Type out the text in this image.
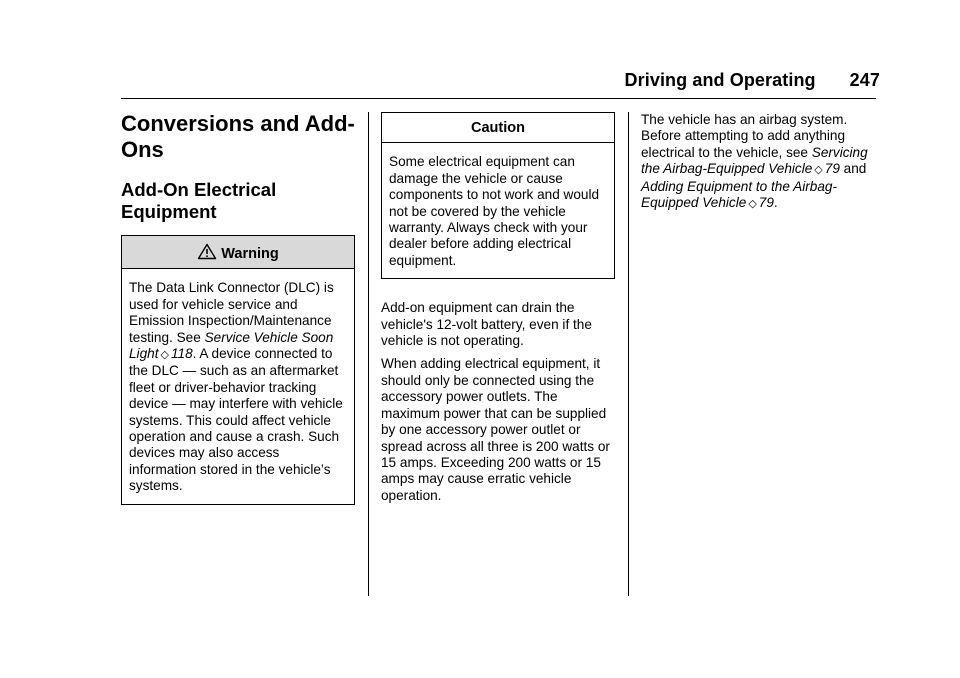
Driving and Operating 247
Conversions and Add-Ons
Add-On Electrical Equipment
Warning
The Data Link Connector (DLC) is used for vehicle service and Emission Inspection/Maintenance testing. See Service Vehicle Soon Light ◇ 118. A device connected to the DLC — such as an aftermarket fleet or driver-behavior tracking device — may interfere with vehicle systems. This could affect vehicle operation and cause a crash. Such devices may also access information stored in the vehicle’s systems.
Caution
Some electrical equipment can damage the vehicle or cause components to not work and would not be covered by the vehicle warranty. Always check with your dealer before adding electrical equipment.

Add-on equipment can drain the vehicle's 12-volt battery, even if the vehicle is not operating.

When adding electrical equipment, it should only be connected using the accessory power outlets. The maximum power that can be supplied by one accessory power outlet or spread across all three is 200 watts or 15 amps. Exceeding 200 watts or 15 amps may cause erratic vehicle operation.

The vehicle has an airbag system. Before attempting to add anything electrical to the vehicle, see Servicing the Airbag-Equipped Vehicle ◇ 79 and Adding Equipment to the Airbag-Equipped Vehicle ◇ 79.
